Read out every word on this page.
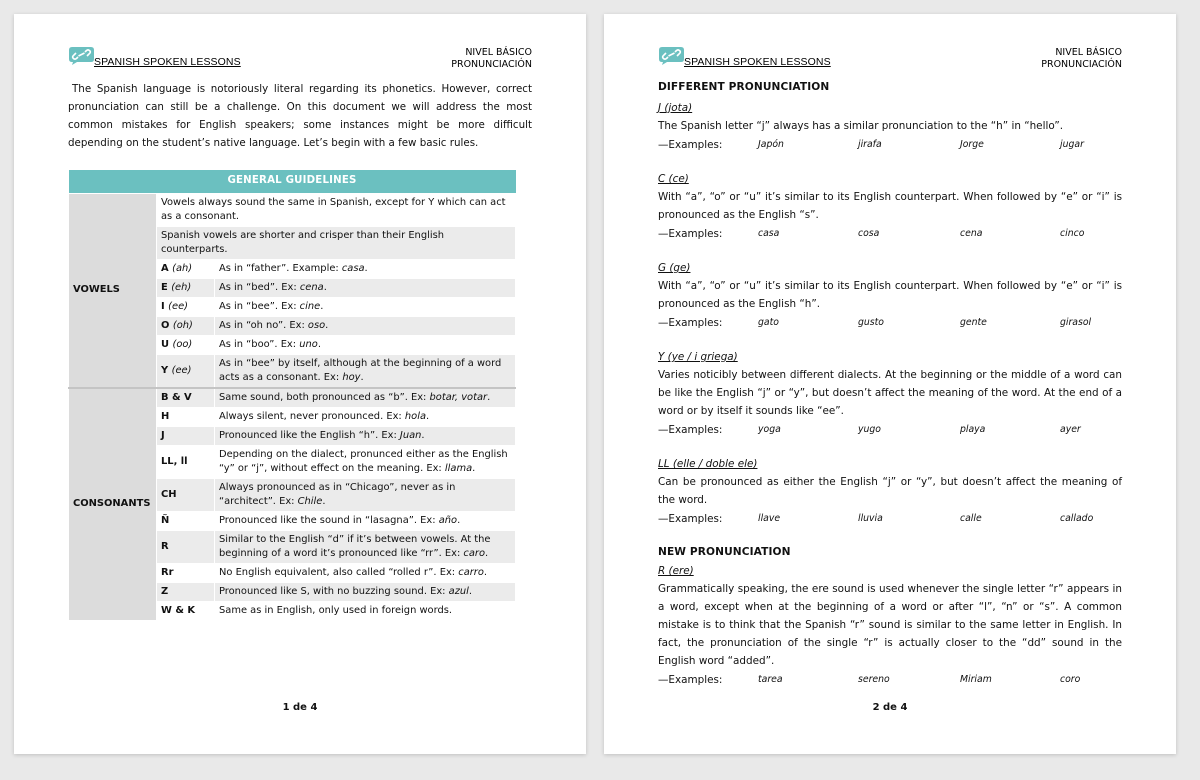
SPANISH SPOKEN LESSONS
NIVEL BÁSICO
PRONUNCIACIÓN

The Spanish language is notoriously literal regarding its phonetics. However, correct pronunciation can still be a challenge. On this document we will address the most common mistakes for English speakers; some instances might be more difficult depending on the student’s native language. Let’s begin with a few basic rules.

GENERAL GUIDELINES		
VOWELS	Vowels always sound the same in Spanish, except for Y which can act as a consonant.	
	Spanish vowels are shorter and crisper than their English counterparts.	
	A (ah)	As in “father”. Example: casa.
	E (eh)	As in “bed”. Ex: cena.
	I (ee)	As in “bee”. Ex: cine.
	O (oh)	As in “oh no”. Ex: oso.
	U (oo)	As in “boo”. Ex: uno.
	Y (ee)	As in “bee” by itself, although at the beginning of a word acts as a consonant. Ex: hoy.
CONSONANTS	B & V	Same sound, both pronounced as “b”. Ex: botar, votar.
	H	Always silent, never pronounced. Ex: hola.
	J	Pronounced like the English “h”. Ex: Juan.
	LL, ll	Depending on the dialect, pronunced either as the English “y” or “j”, without effect on the meaning. Ex: llama.
	CH	Always pronounced as in “Chicago”, never as in “architect”. Ex: Chile.
	Ñ	Pronounced like the sound in “lasagna”. Ex: año.
	R	Similar to the English “d” if it’s between vowels. At the beginning of a word it’s pronounced like “rr”. Ex: caro.
	Rr	No English equivalent, also called “rolled r”. Ex: carro.
	Z	Pronounced like S, with no buzzing sound. Ex: azul.
	W & K	Same as in English, only used in foreign words.
1 de 4
SPANISH SPOKEN LESSONS
NIVEL BÁSICO
PRONUNCIACIÓN
DIFFERENT PRONUNCIATION
J (jota)
The Spanish letter “j” always has a similar pronunciation to the “h” in “hello”.
—Examples:	Japón	jirafa	Jorge	jugar
C (ce)
With “a”, “o” or “u” it’s similar to its English counterpart. When followed by “e” or “i” is pronounced as the English “s”.
—Examples:	casa	cosa	cena	cinco
G (ge)
With “a”, “o” or “u” it’s similar to its English counterpart. When followed by “e” or “i” is pronounced as the English “h”.
—Examples:	gato	gusto	gente	girasol
Y (ye / i griega)
Varies noticibly between different dialects. At the beginning or the middle of a word can be like the English “j” or “y”, but doesn’t affect the meaning of the word. At the end of a word or by itself it sounds like “ee”.
—Examples:	yoga	yugo	playa	ayer
LL (elle / doble ele)
Can be pronounced as either the English “j” or “y”, but doesn’t affect the meaning of the word.
—Examples:	llave	lluvia	calle	callado
NEW PRONUNCIATION
R (ere)
Grammatically speaking, the ere sound is used whenever the single letter “r” appears in a word, except when at the beginning of a word or after “l”, “n” or “s”. A common mistake is to think that the Spanish “r” sound is similar to the same letter in English. In fact, the pronunciation of the single “r” is actually closer to the “dd” sound in the English word “added”.
—Examples:	tarea	sereno	Miriam	coro
2 de 4
